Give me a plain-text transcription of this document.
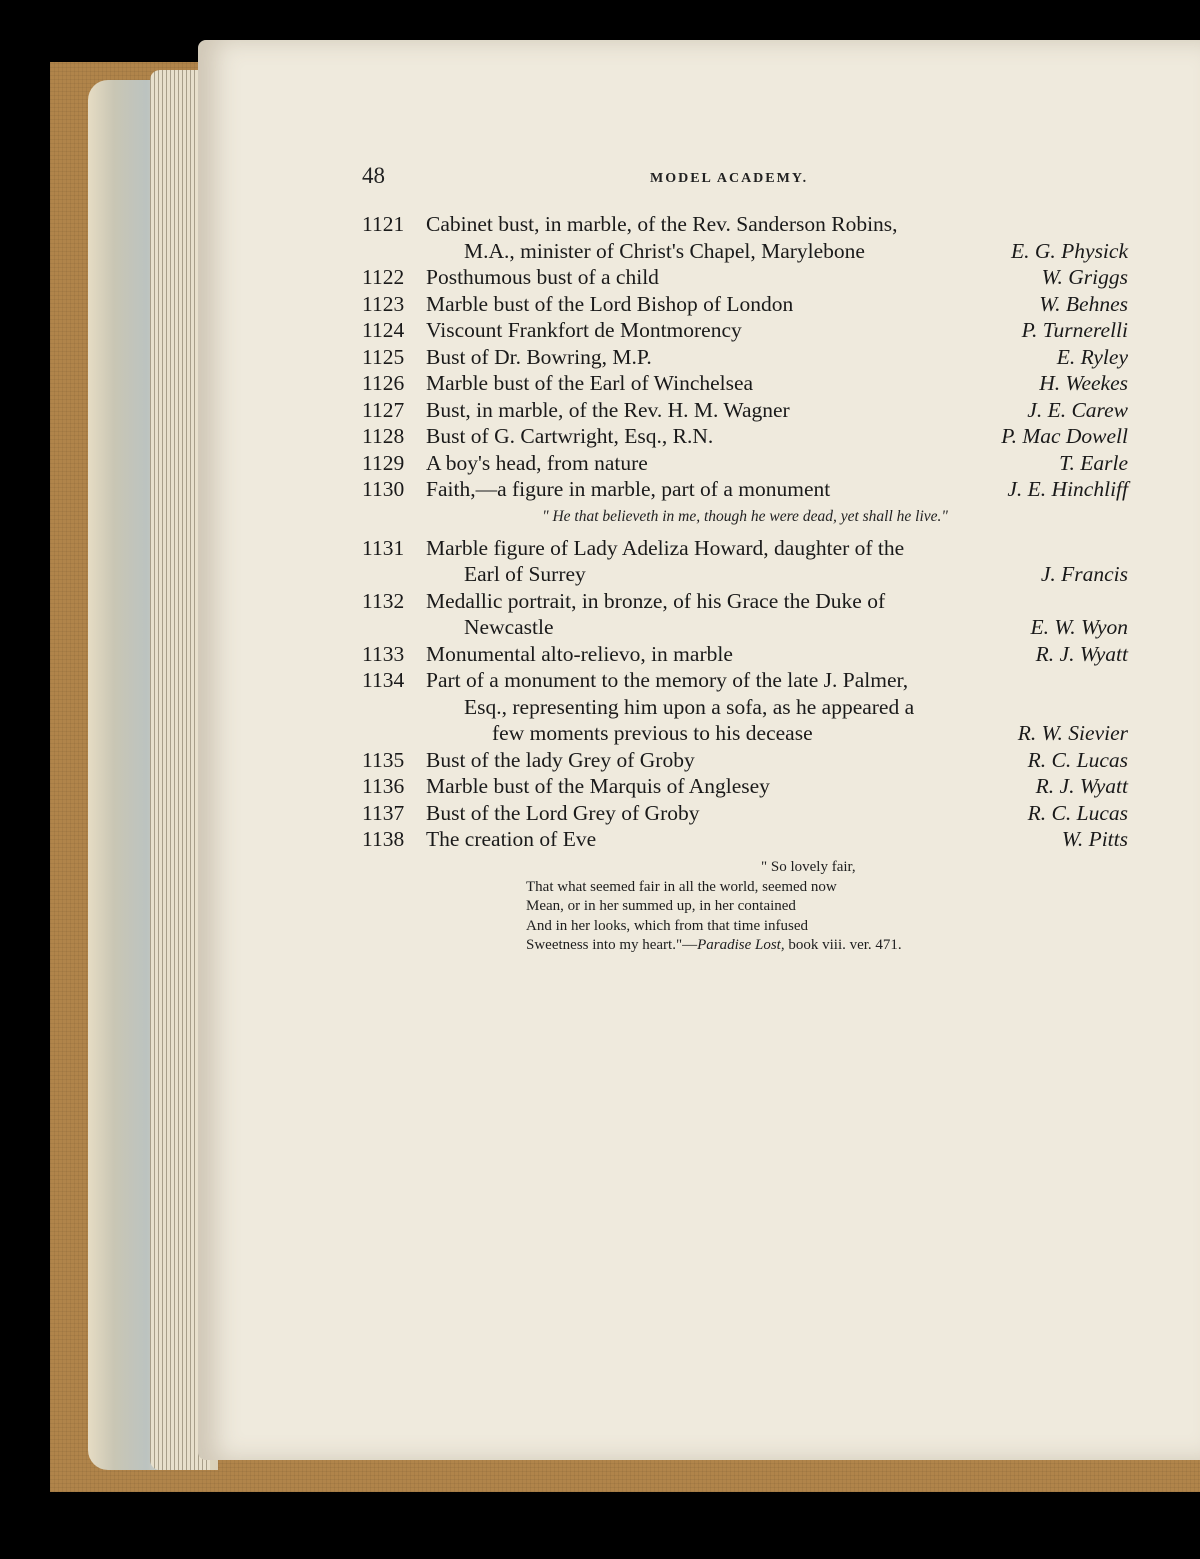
48	MODEL ACADEMY.
1121 Cabinet bust, in marble, of the Rev. Sanderson Robins,
M.A., minister of Christ's Chapel, Marylebone	E. G. Physick
1122 Posthumous bust of a child	W. Griggs
1123 Marble bust of the Lord Bishop of London	W. Behnes
1124 Viscount Frankfort de Montmorency	P. Turnerelli
1125 Bust of Dr. Bowring, M.P.	E. Ryley
1126 Marble bust of the Earl of Winchelsea	H. Weekes
1127 Bust, in marble, of the Rev. H. M. Wagner	J. E. Carew
1128 Bust of G. Cartwright, Esq., R.N.	P. Mac Dowell
1129 A boy's head, from nature	T. Earle
1130 Faith,—a figure in marble, part of a monument	J. E. Hinchliff
" He that believeth in me, though he were dead, yet shall he live."
1131 Marble figure of Lady Adeliza Howard, daughter of the
Earl of Surrey	J. Francis
1132 Medallic portrait, in bronze, of his Grace the Duke of
Newcastle	E. W. Wyon
1133 Monumental alto-relievo, in marble	R. J. Wyatt
1134 Part of a monument to the memory of the late J. Palmer,
Esq., representing him upon a sofa, as he appeared a
few moments previous to his decease	R. W. Sievier
1135 Bust of the lady Grey of Groby	R. C. Lucas
1136 Marble bust of the Marquis of Anglesey	R. J. Wyatt
1137 Bust of the Lord Grey of Groby	R. C. Lucas
1138 The creation of Eve	W. Pitts
" So lovely fair,
That what seemed fair in all the world, seemed now
Mean, or in her summed up, in her contained
And in her looks, which from that time infused
Sweetness into my heart."—Paradise Lost, book viii. ver. 471.
